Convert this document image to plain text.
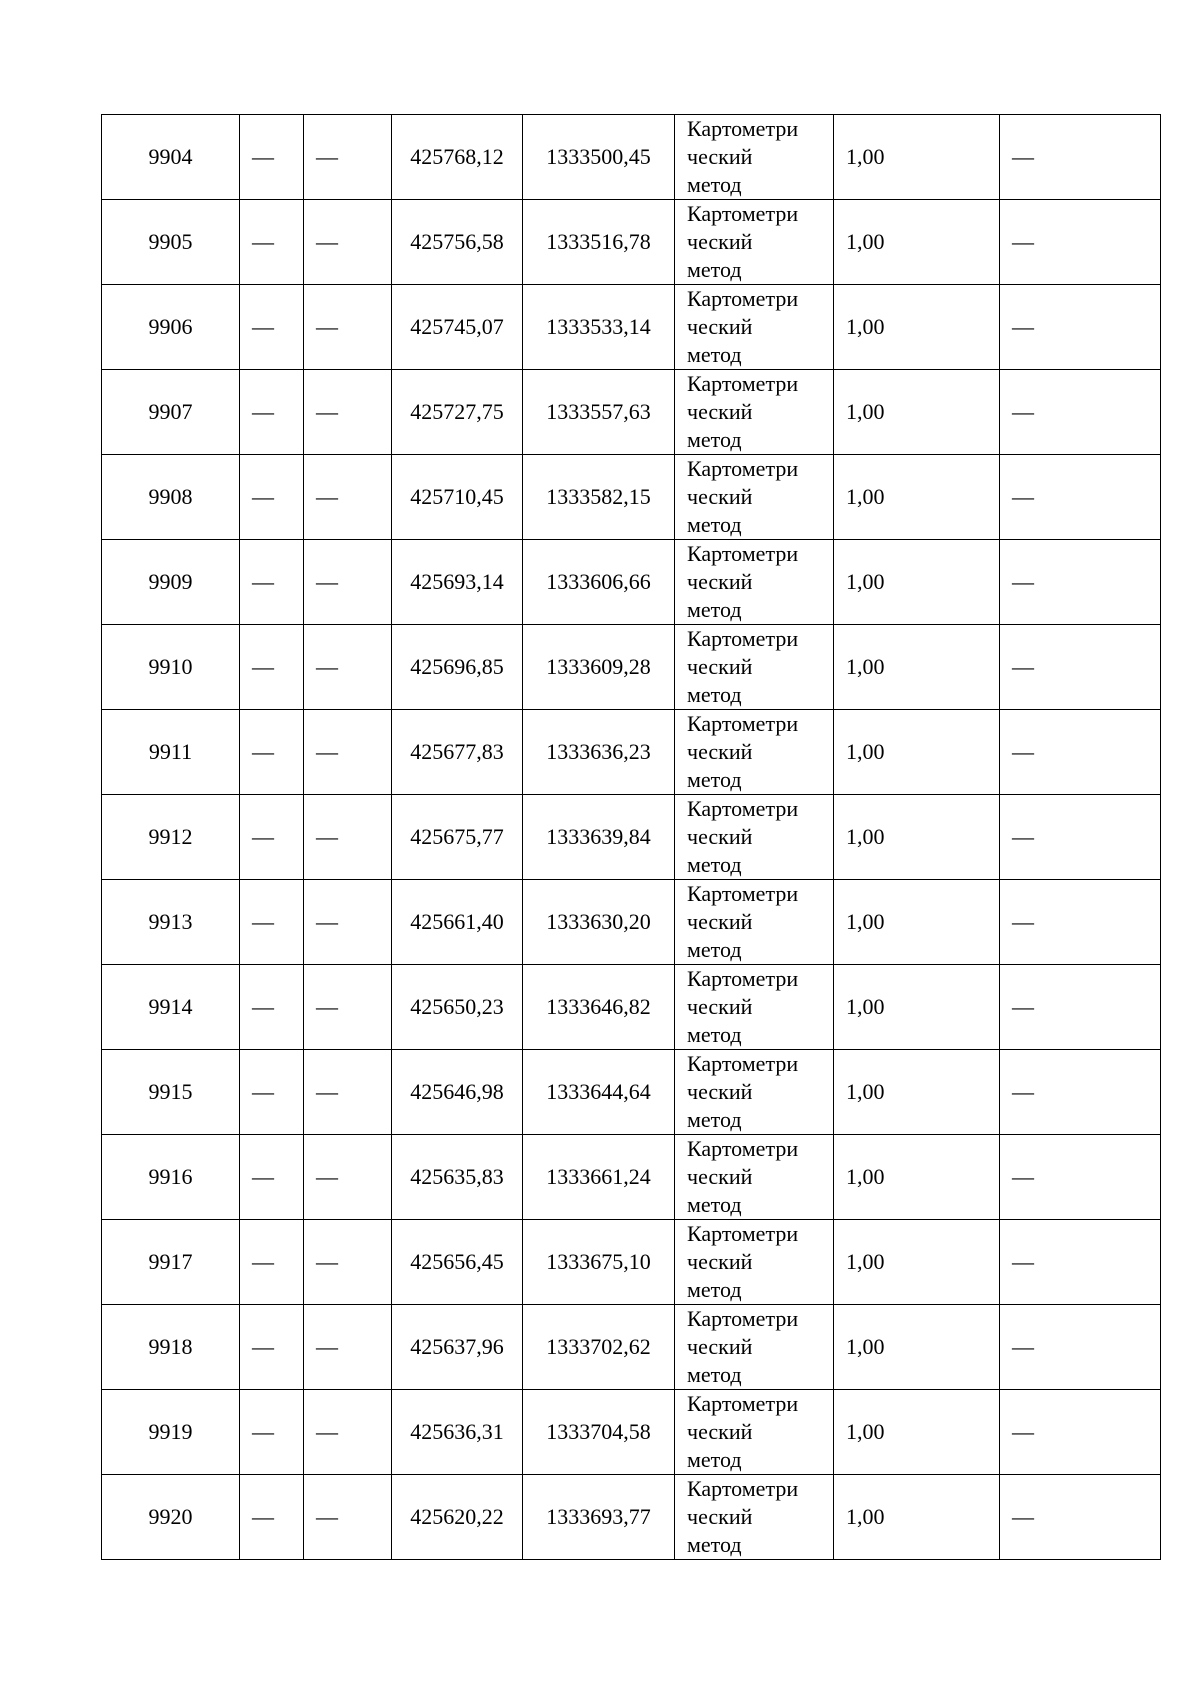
9904	—	—	425768,12	1333500,45	Картометри
ческий
метод	1,00	—
9905	—	—	425756,58	1333516,78	Картометри
ческий
метод	1,00	—
9906	—	—	425745,07	1333533,14	Картометри
ческий
метод	1,00	—
9907	—	—	425727,75	1333557,63	Картометри
ческий
метод	1,00	—
9908	—	—	425710,45	1333582,15	Картометри
ческий
метод	1,00	—
9909	—	—	425693,14	1333606,66	Картометри
ческий
метод	1,00	—
9910	—	—	425696,85	1333609,28	Картометри
ческий
метод	1,00	—
9911	—	—	425677,83	1333636,23	Картометри
ческий
метод	1,00	—
9912	—	—	425675,77	1333639,84	Картометри
ческий
метод	1,00	—
9913	—	—	425661,40	1333630,20	Картометри
ческий
метод	1,00	—
9914	—	—	425650,23	1333646,82	Картометри
ческий
метод	1,00	—
9915	—	—	425646,98	1333644,64	Картометри
ческий
метод	1,00	—
9916	—	—	425635,83	1333661,24	Картометри
ческий
метод	1,00	—
9917	—	—	425656,45	1333675,10	Картометри
ческий
метод	1,00	—
9918	—	—	425637,96	1333702,62	Картометри
ческий
метод	1,00	—
9919	—	—	425636,31	1333704,58	Картометри
ческий
метод	1,00	—
9920	—	—	425620,22	1333693,77	Картометри
ческий
метод	1,00	—
